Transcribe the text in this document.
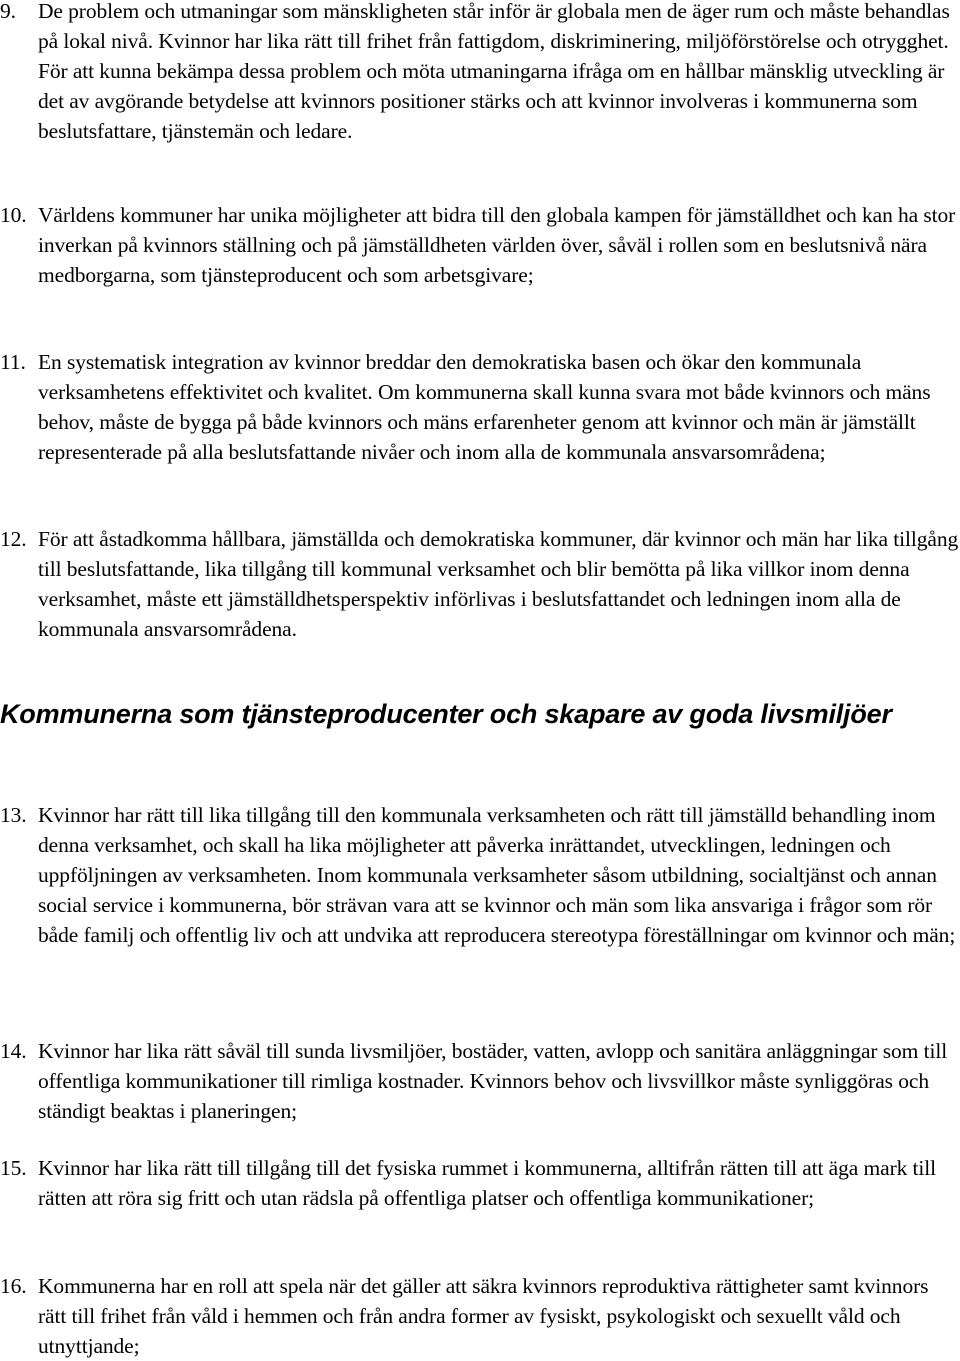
9.	De problem och utmaningar som mänskligheten står inför är globala men de äger rum och måste behandlas på lokal nivå. Kvinnor har lika rätt till frihet från fattigdom, diskriminering, miljöförstörelse och otrygghet. För att kunna bekämpa dessa problem och möta utmaningarna ifråga om en hållbar mänsklig utveckling är det av avgörande betydelse att kvinnors positioner stärks och att kvinnor involveras i kommunerna som beslutsfattare, tjänstemän och ledare.

10. Världens kommuner har unika möjligheter att bidra till den globala kampen för jämställdhet och kan ha stor inverkan på kvinnors ställning och på jämställdheten världen över, såväl i rollen som en beslutsnivå nära medborgarna, som tjänsteproducent och som arbetsgivare;

11. En systematisk integration av kvinnor breddar den demokratiska basen och ökar den kommunala verksamhetens effektivitet och kvalitet. Om kommunerna skall kunna svara mot både kvinnors och mäns behov, måste de bygga på både kvinnors och mäns erfarenheter genom att kvinnor och män är jämställt representerade på alla beslutsfattande nivåer och inom alla de kommunala ansvarsområdena;

12. För att åstadkomma hållbara, jämställda och demokratiska kommuner, där kvinnor och män har lika tillgång till beslutsfattande, lika tillgång till kommunal verksamhet och blir bemötta på lika villkor inom denna verksamhet, måste ett jämställdhetsperspektiv införlivas i beslutsfattandet och ledningen inom alla de kommunala ansvarsområdena.

Kommunerna som tjänsteproducenter och skapare av goda livsmiljöer
13. Kvinnor har rätt till lika tillgång till den kommunala verksamheten och rätt till jämställd behandling inom denna verksamhet, och skall ha lika möjligheter att påverka inrättandet, utvecklingen, ledningen och uppföljningen av verksamheten. Inom kommunala verksamheter såsom utbildning, socialtjänst och annan social service i kommunerna, bör strävan vara att se kvinnor och män som lika ansvariga i frågor som rör både familj och offentlig liv och att undvika att reproducera stereotypa föreställningar om kvinnor och män;

14. Kvinnor har lika rätt såväl till sunda livsmiljöer, bostäder, vatten, avlopp och sanitära anläggningar som till offentliga kommunikationer till rimliga kostnader. Kvinnors behov och livsvillkor måste synliggöras och ständigt beaktas i planeringen;

15. Kvinnor har lika rätt till tillgång till det fysiska rummet i kommunerna, alltifrån rätten till att äga mark till rätten att röra sig fritt och utan rädsla på offentliga platser och offentliga kommunikationer;

16. Kommunerna har en roll att spela när det gäller att säkra kvinnors reproduktiva rättigheter samt kvinnors rätt till frihet från våld i hemmen och från andra former av fysiskt, psykologiskt och sexuellt våld och utnyttjande;
